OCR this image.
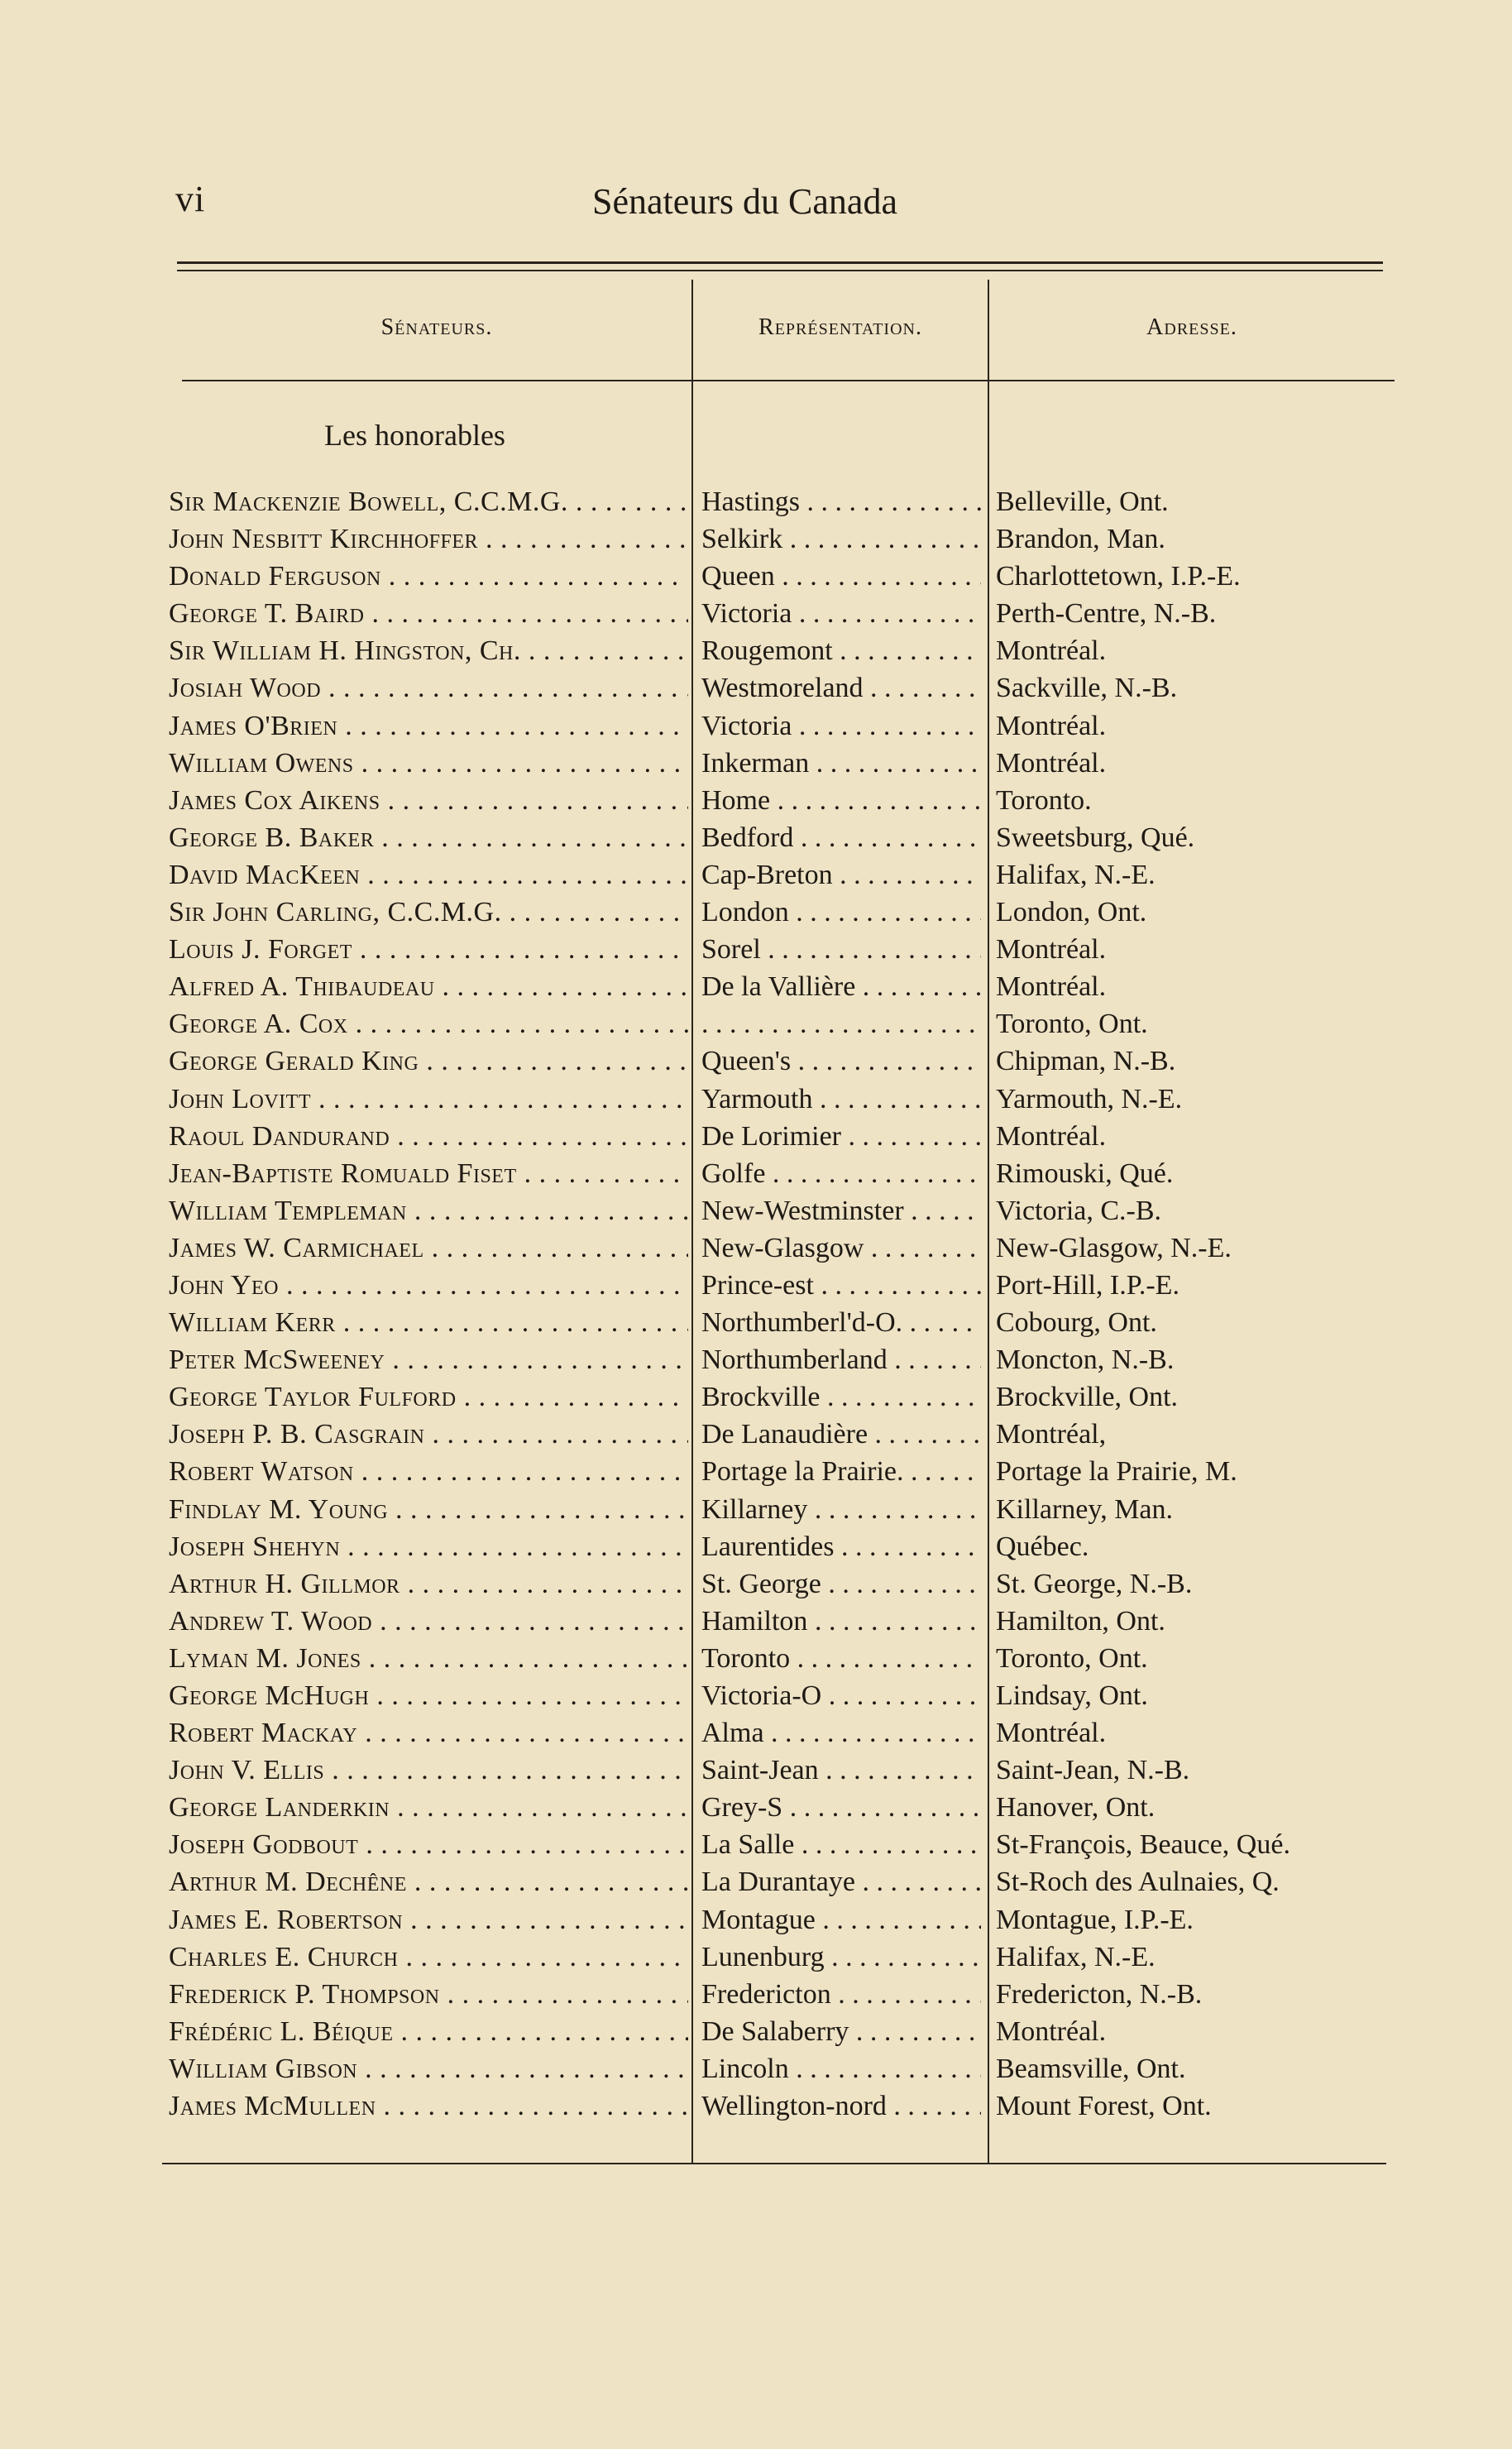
vi	Sénateurs du Canada
Sénateurs.	Représentation.	Adresse.
Les honorables
Sir Mackenzie Bowell, C.C.M.G. . . .	Hastings . . .	Belleville, Ont.
John Nesbitt Kirchhoffer . . .	Selkirk . . .	Brandon, Man.
Donald Ferguson . . .	Queen . . .	Charlottetown, I.P.-E.
George T. Baird . . .	Victoria . . .	Perth-Centre, N.-B.
Sir William H. Hingston, Ch. . . .	Rougemont . . .	Montréal.
Josiah Wood . . .	Westmoreland . . .	Sackville, N.-B.
James O'Brien . . .	Victoria . . .	Montréal.
William Owens . . .	Inkerman . . .	Montréal.
James Cox Aikens . . .	Home . . .	Toronto.
George B. Baker . . .	Bedford . . .	Sweetsburg, Qué.
David MacKeen . . .	Cap-Breton . . .	Halifax, N.-E.
Sir John Carling, C.C.M.G. . . .	London . . .	London, Ont.
Louis J. Forget . . .	Sorel . . .	Montréal.
Alfred A. Thibaudeau . . .	De la Vallière . . .	Montréal.
George A. Cox . . .
. . .	Toronto, Ont.
George Gerald King . . .	Queen's . . .	Chipman, N.-B.
John Lovitt . . .	Yarmouth . . .	Yarmouth, N.-E.
Raoul Dandurand . . .	De Lorimier . . .	Montréal.
Jean-Baptiste Romuald Fiset . . .	Golfe . . .	Rimouski, Qué.
William Templeman . . .	New-Westminster . . .	Victoria, C.-B.
James W. Carmichael . . .	New-Glasgow . . .	New-Glasgow, N.-E.
John Yeo . . .	Prince-est . . .	Port-Hill, I.P.-E.
William Kerr . . .	Northumberl'd-O. . . .	Cobourg, Ont.
Peter McSweeney . . .	Northumberland . . .	Moncton, N.-B.
George Taylor Fulford . . .	Brockville . . .	Brockville, Ont.
Joseph P. B. Casgrain . . .	De Lanaudière . . .	Montréal,
Robert Watson . . .	Portage la Prairie. . . .	Portage la Prairie, M.
Findlay M. Young . . .	Killarney . . .	Killarney, Man.
Joseph Shehyn . . .	Laurentides . . .	Québec.
Arthur H. Gillmor . . .	St. George . . .	St. George, N.-B.
Andrew T. Wood . . .	Hamilton . . .	Hamilton, Ont.
Lyman M. Jones . . .	Toronto . . .	Toronto, Ont.
George McHugh . . .	Victoria-O . . .	Lindsay, Ont.
Robert Mackay . . .	Alma . . .	Montréal.
John V. Ellis . . .	Saint-Jean . . .	Saint-Jean, N.-B.
George Landerkin . . .	Grey-S . . .	Hanover, Ont.
Joseph Godbout . . .	La Salle . . .	St-François, Beauce, Qué.
Arthur M. Dechêne . . .	La Durantaye . . .	St-Roch des Aulnaies, Q.
James E. Robertson . . .	Montague . . .	Montague, I.P.-E.
Charles E. Church . . .	Lunenburg . . .	Halifax, N.-E.
Frederick P. Thompson . . .	Fredericton . . .	Fredericton, N.-B.
Frédéric L. Béique . . .	De Salaberry . . .	Montréal.
William Gibson . . .	Lincoln . . .	Beamsville, Ont.
James McMullen . . .	Wellington-nord . . .	Mount Forest, Ont.
